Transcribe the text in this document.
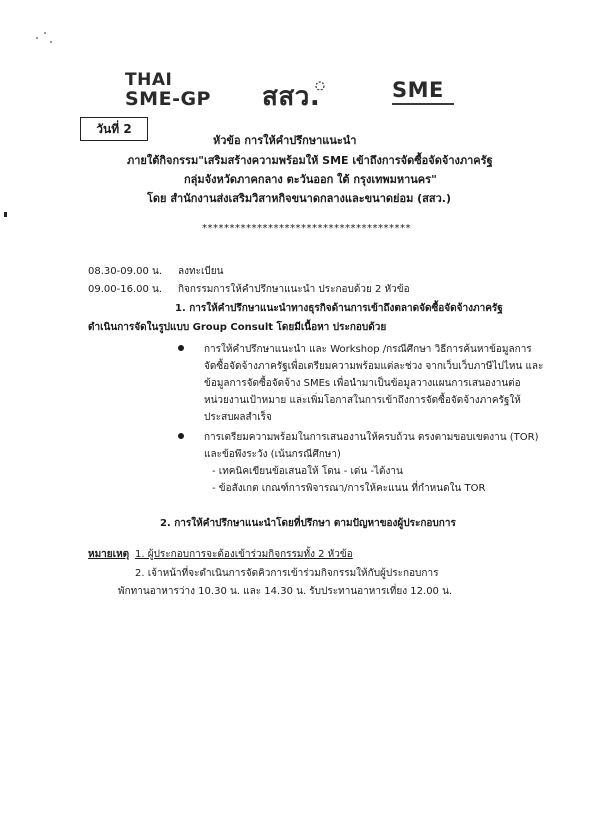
THAI
SME-GP สสว.	SME
วันที่ 2
หัวข้อ การให้คำปรึกษาแนะนำ
ภายใต้กิจกรรม"เสริมสร้างความพร้อมให้ SME เข้าถึงการจัดซื้อจัดจ้างภาครัฐ
กลุ่มจังหวัดภาคกลาง ตะวันออก ใต้ กรุงเทพมหานคร"
โดย สำนักงานส่งเสริมวิสาหกิจขนาดกลางและขนาดย่อม (สสว.)
**************************************
08.30-09.00 น. ลงทะเบียน
09.00-16.00 น. กิจกรรมการให้คำปรึกษาแนะนำ ประกอบด้วย 2 หัวข้อ
1. การให้คำปรึกษาแนะนำทางธุรกิจด้านการเข้าถึงตลาดจัดซื้อจัดจ้างภาครัฐ
ดำเนินการจัดในรูปแบบ Group Consult โดยมีเนื้อหา ประกอบด้วย
การให้คำปรึกษาแนะนำ และ Workshop /กรณีศึกษา วิธีการค้นหาข้อมูลการ
จัดซื้อจัดจ้างภาครัฐเพื่อเตรียมความพร้อมแต่ละช่วง จากเว็บเว็บภาษีไปไหน และ
ข้อมูลการจัดซื้อจัดจ้าง SMEs เพื่อนำมาเป็นข้อมูลวางแผนการเสนองานต่อ
หน่วยงานเป้าหมาย และเพิ่มโอกาสในการเข้าถึงการจัดซื้อจัดจ้างภาครัฐให้
ประสบผลสำเร็จ
การเตรียมความพร้อมในการเสนองานให้ครบถ้วน ตรงตามขอบเขตงาน (TOR)
และข้อพึงระวัง (เน้นกรณีศึกษา)
- เทคนิคเขียนข้อเสนอให้ โดน - เด่น -ได้งาน
- ข้อสังเกต เกณฑ์การพิจารณา/การให้คะแนน ที่กำหนดใน TOR
2. การให้คำปรึกษาแนะนำโดยที่ปรึกษา ตามปัญหาของผู้ประกอบการ
หมายเหตุ 1. ผู้ประกอบการจะต้องเข้าร่วมกิจกรรมทั้ง 2 หัวข้อ
2. เจ้าหน้าที่จะดำเนินการจัดคิวการเข้าร่วมกิจกรรมให้กับผู้ประกอบการ
พักทานอาหารว่าง 10.30 น. และ 14.30 น. รับประทานอาหารเที่ยง 12.00 น.
